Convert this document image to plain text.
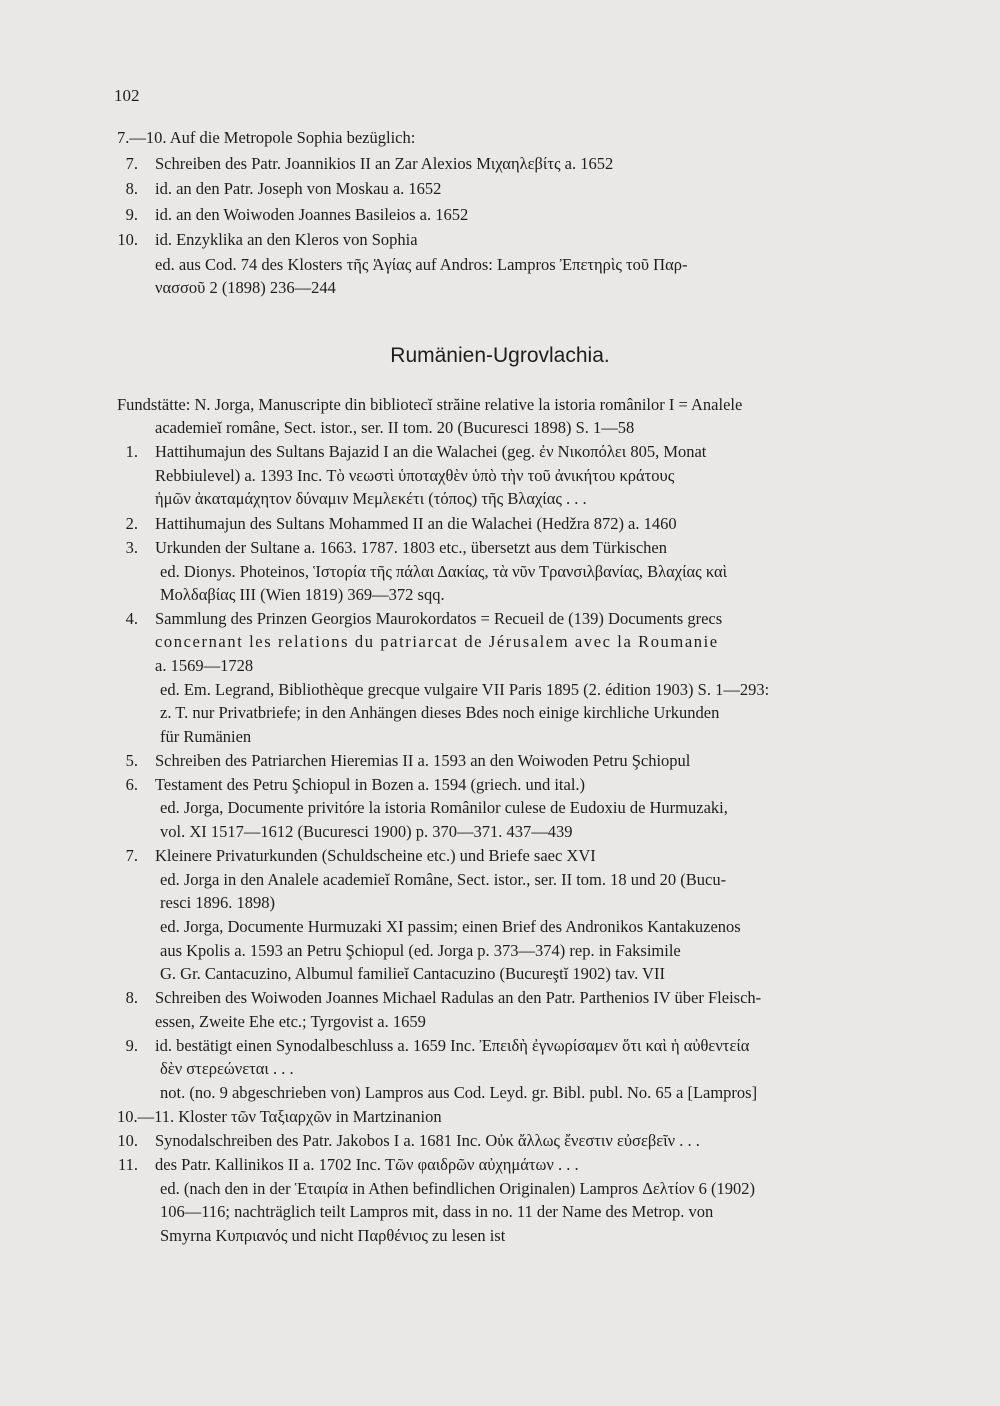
102
Rumänien-Ugrovlachia.
7.—10. Auf die Metropole Sophia bezüglich:
7. Schreiben des Patr. Joannikios II an Zar Alexios Μιχαηλεβίτς a. 1652
8. id. an den Patr. Joseph von Moskau a. 1652
9. id. an den Woiwoden Joannes Basileios a. 1652
10. id. Enzyklika an den Kleros von Sophia
ed. aus Cod. 74 des Klosters τῆς Ἁγίας auf Andros: Lampros Ἐπετηρὶς τοῦ Παρ-
νασσοῦ 2 (1898) 236—244
Fundstätte: N. Jorga, Manuscripte din bibliotecĭ străine relative la istoria românilor I = Analele
academieĭ române, Sect. istor., ser. II tom. 20 (Bucuresci 1898) S. 1—58
1. Hattihumajun des Sultans Bajazid I an die Walachei (geg. ἐν Νικοπόλει 805, Monat
Rebbiulevel) a. 1393 Inc. Τὸ νεωστὶ ὑποταχθὲν ὑπὸ τὴν τοῦ ἀνικήτου κράτους
ἡμῶν ἀκαταμάχητον δύναμιν Μεμλεκέτι (τόπος) τῆς Βλαχίας . . .
2. Hattihumajun des Sultans Mohammed II an die Walachei (Hedžra 872) a. 1460
3. Urkunden der Sultane a. 1663. 1787. 1803 etc., übersetzt aus dem Türkischen
ed. Dionys. Photeinos, Ἱστορία τῆς πάλαι Δακίας, τὰ νῦν Τρανσιλβανίας, Βλαχίας καὶ
Μολδαβίας III (Wien 1819) 369—372 sqq.
4. Sammlung des Prinzen Georgios Maurokordatos = Recueil de (139) Documents grecs
concernant les relations du patriarcat de Jérusalem avec la Roumanie
a. 1569—1728
ed. Em. Legrand, Bibliothèque grecque vulgaire VII Paris 1895 (2. édition 1903) S. 1—293:
z. T. nur Privatbriefe; in den Anhängen dieses Bdes noch einige kirchliche Urkunden
für Rumänien
5. Schreiben des Patriarchen Hieremias II a. 1593 an den Woiwoden Petru Şchiopul
6. Testament des Petru Şchiopul in Bozen a. 1594 (griech. und ital.)
ed. Jorga, Documente privitóre la istoria Românilor culese de Eudoxiu de Hurmuzaki,
vol. XI 1517—1612 (Bucuresci 1900) p. 370—371. 437—439
7. Kleinere Privaturkunden (Schuldscheine etc.) und Briefe saec XVI
ed. Jorga in den Analele academieĭ Române, Sect. istor., ser. II tom. 18 und 20 (Bucu-
resci 1896. 1898)
ed. Jorga, Documente Hurmuzaki XI passim; einen Brief des Andronikos Kantakuzenos
aus Kpolis a. 1593 an Petru Şchiopul (ed. Jorga p. 373—374) rep. in Faksimile
G. Gr. Cantacuzino, Albumul familieĭ Cantacuzino (Bucureştĭ 1902) tav. VII
8. Schreiben des Woiwoden Joannes Michael Radulas an den Patr. Parthenios IV über Fleisch-
essen, Zweite Ehe etc.; Tyrgovist a. 1659
9. id. bestätigt einen Synodalbeschluss a. 1659 Inc. Ἐπειδὴ ἐγνωρίσαμεν ὅτι καὶ ἡ αὐθεντεία
δὲν στερεώνεται . . .
not. (no. 9 abgeschrieben von) Lampros aus Cod. Leyd. gr. Bibl. publ. No. 65 a [Lampros]
10.—11. Kloster τῶν Ταξιαρχῶν in Martzinanion
10. Synodalschreiben des Patr. Jakobos I a. 1681 Inc. Οὐκ ἄλλως ἔνεστιν εὐσεβεῖν . . .
11. des Patr. Kallinikos II a. 1702 Inc. Τῶν φαιδρῶν αὐχημάτων . . .
ed. (nach den in der Ἑταιρία in Athen befindlichen Originalen) Lampros Δελτίον 6 (1902)
106—116; nachträglich teilt Lampros mit, dass in no. 11 der Name des Metrop. von
Smyrna Κυπριανός und nicht Παρθένιος zu lesen ist
